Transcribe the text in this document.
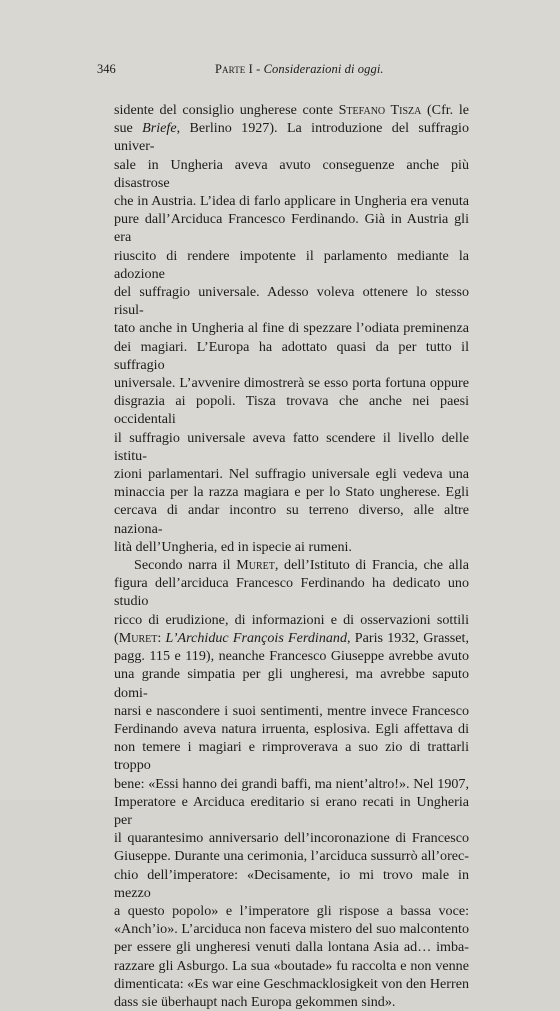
346	Parte I - Considerazioni di oggi.

sidente del consiglio ungherese conte Stefano Tisza (Cfr. le

sue Briefe, Berlino 1927). La introduzione del suffragio univer-

sale in Ungheria aveva avuto conseguenze anche più disastrose

che in Austria. L’idea di farlo applicare in Ungheria era venuta

pure dall’Arciduca Francesco Ferdinando. Già in Austria gli era

riuscito di rendere impotente il parlamento mediante la adozione

del suffragio universale. Adesso voleva ottenere lo stesso risul-

tato anche in Ungheria al fine di spezzare l’odiata preminenza

dei magiari. L’Europa ha adottato quasi da per tutto il suffragio

universale. L’avvenire dimostrerà se esso porta fortuna oppure

disgrazia ai popoli. Tisza trovava che anche nei paesi occidentali

il suffragio universale aveva fatto scendere il livello delle istitu-

zioni parlamentari. Nel suffragio universale egli vedeva una

minaccia per la razza magiara e per lo Stato ungherese. Egli

cercava di andar incontro su terreno diverso, alle altre naziona-

lità dell’Ungheria, ed in ispecie ai rumeni.

Secondo narra il Muret, dell’Istituto di Francia, che alla

figura dell’arciduca Francesco Ferdinando ha dedicato uno studio

ricco di erudizione, di informazioni e di osservazioni sottili

(Muret: L’Archiduc François Ferdinand, Paris 1932, Grasset,

pagg. 115 e 119), neanche Francesco Giuseppe avrebbe avuto

una grande simpatia per gli ungheresi, ma avrebbe saputo domi-

narsi e nascondere i suoi sentimenti, mentre invece Francesco

Ferdinando aveva natura irruenta, esplosiva. Egli affettava di

non temere i magiari e rimproverava a suo zio di trattarli troppo

bene: «Essi hanno dei grandi baffi, ma nient’altro!». Nel 1907,

Imperatore e Arciduca ereditario si erano recati in Ungheria per

il quarantesimo anniversario dell’incoronazione di Francesco

Giuseppe. Durante una cerimonia, l’arciduca sussurrò all’orec-

chio dell’imperatore: «Decisamente, io mi trovo male in mezzo

a questo popolo» e l’imperatore gli rispose a bassa voce:

«Anch’io». L’arciduca non faceva mistero del suo malcontento

per essere gli ungheresi venuti dalla lontana Asia ad… imba-

razzare gli Asburgo. La sua «boutade» fu raccolta e non venne

dimenticata: «Es war eine Geschmacklosigkeit von den Herren

dass sie überhaupt nach Europa gekommen sind».
